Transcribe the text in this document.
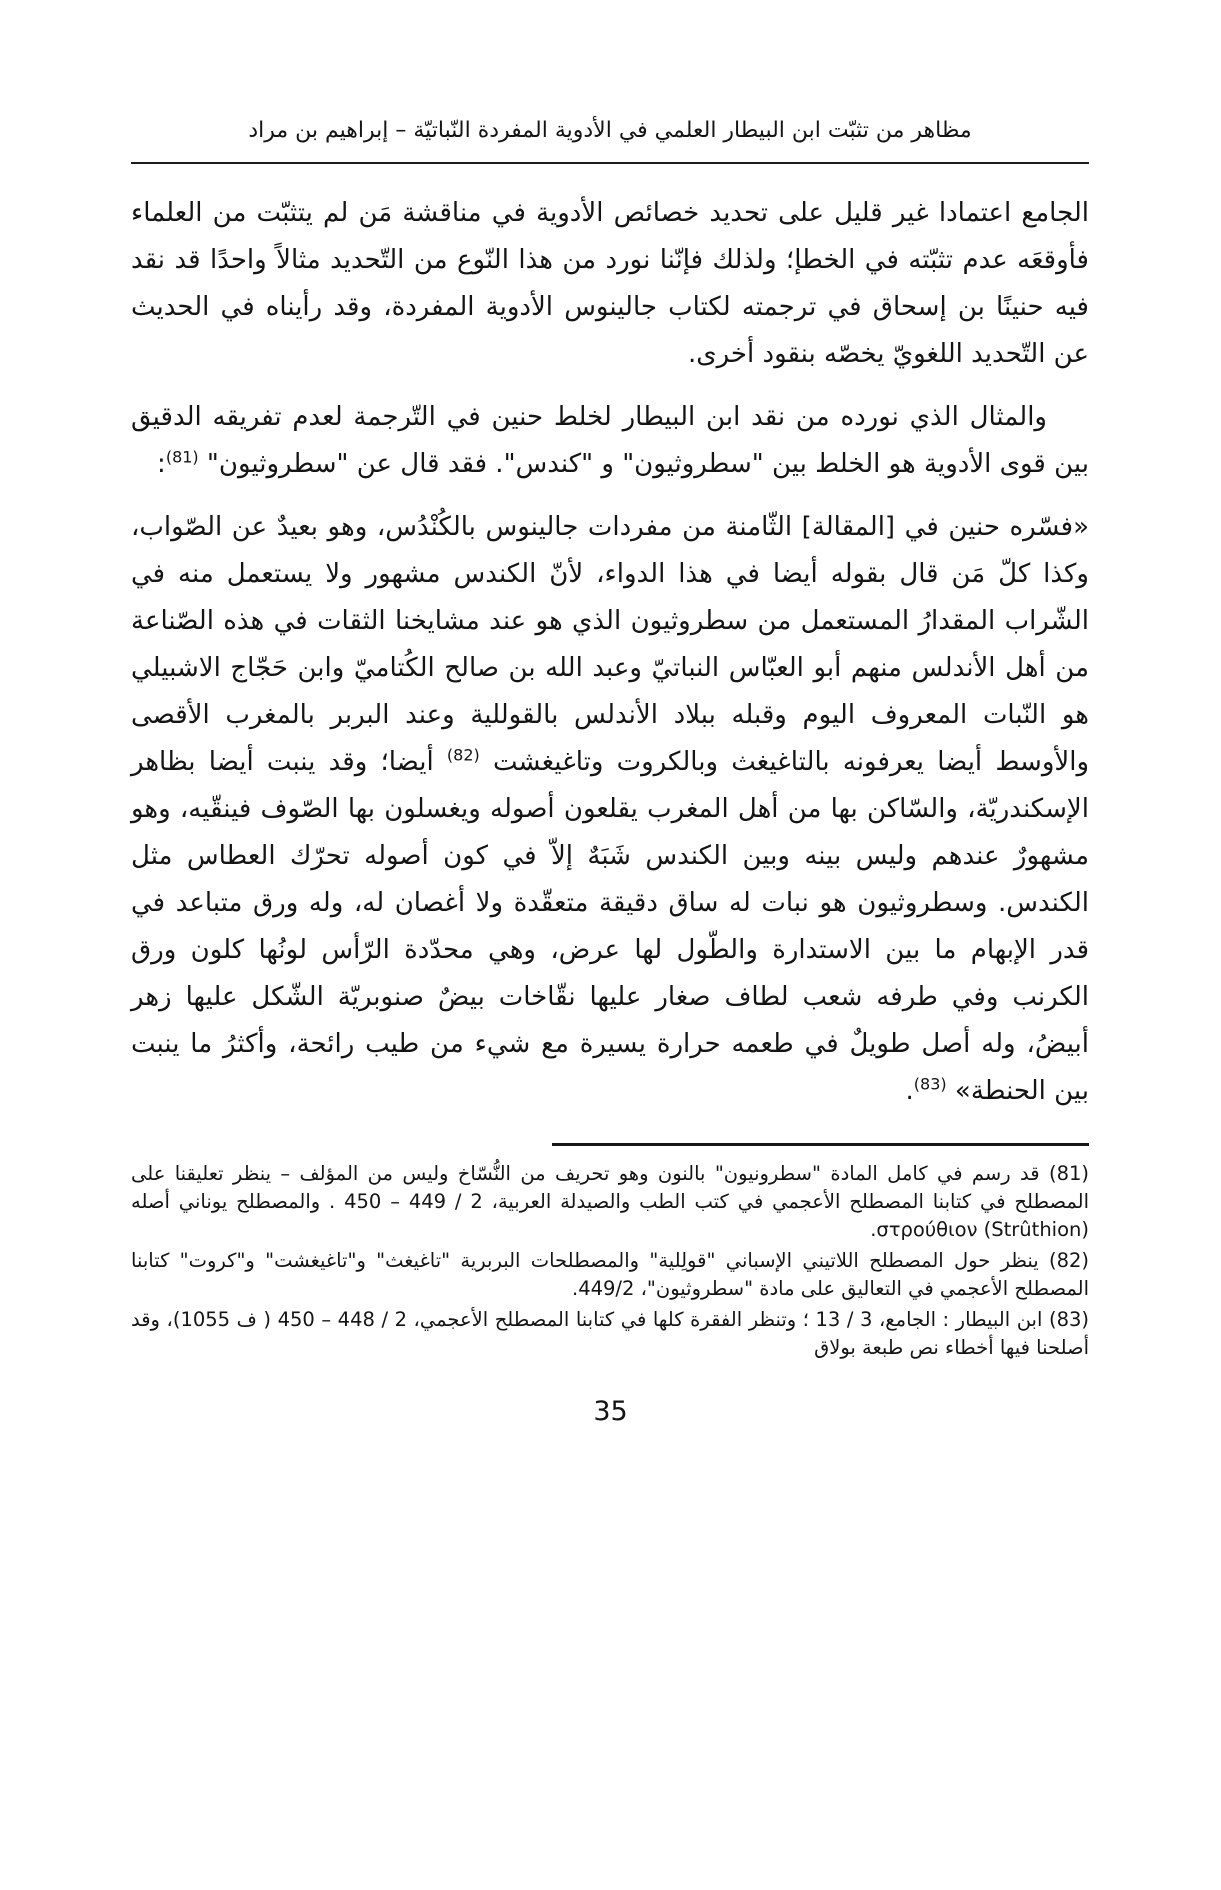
مظاهر من تثبّت ابن البيطار العلمي في الأدوية المفردة النّباتيّة – إبراهيم بن مراد

الجامع اعتمادا غير قليل على تحديد خصائص الأدوية في مناقشة مَن لم يتثبّت من العلماء فأوقعَه عدم تثبّته في الخطإ؛ ولذلك فإنّنا نورد من هذا النّوع من التّحديد مثالاً واحدًا قد نقد فيه حنينًا بن إسحاق في ترجمته لكتاب جالينوس الأدوية المفردة، وقد رأيناه في الحديث عن التّحديد اللغويّ يخصّه بنقود أخرى.

والمثال الذي نورده من نقد ابن البيطار لخلط حنين في التّرجمة لعدم تفريقه الدقيق بين قوى الأدوية هو الخلط بين "سطروثيون" و "كندس". فقد قال عن "سطروثيون" $^{(81)}$:

«فسّره حنين في [المقالة] الثّامنة من مفردات جالينوس بالكُنْدُس، وهو بعيدٌ عن الصّواب، وكذا كلّ مَن قال بقوله أيضا في هذا الدواء، لأنّ الكندس مشهور ولا يستعمل منه في الشّراب المقدارُ المستعمل من سطروثيون الذي هو عند مشايخنا الثقات في هذه الصّناعة من أهل الأندلس منهم أبو العبّاس النباتيّ وعبد الله بن صالح الكُتاميّ وابن حَجّاج الاشبيلي هو النّبات المعروف اليوم وقبله ببلاد الأندلس بالقوللية وعند البربر بالمغرب الأقصى والأوسط أيضا يعرفونه بالتاغيغث وبالكروت وتاغيغشت $^{(82)}$ أيضا؛ وقد ينبت أيضا بظاهر الإسكندريّة، والسّاكن بها من أهل المغرب يقلعون أصوله ويغسلون بها الصّوف فينقّيه، وهو مشهورٌ عندهم وليس بينه وبين الكندس شَبَهٌ إلاّ في كون أصوله تحرّك العطاس مثل الكندس. وسطروثيون هو نبات له ساق دقيقة متعقّدة ولا أغصان له، وله ورق متباعد في قدر الإبهام ما بين الاستدارة والطّول لها عرض، وهي محدّدة الرّأس لونُها كلون ورق الكرنب وفي طرفه شعب لطاف صغار عليها نقّاخات بيضٌ صنوبريّة الشّكل عليها زهر أبيضُ، وله أصل طويلٌ في طعمه حرارة يسيرة مع شيء من طيب رائحة، وأكثرُ ما ينبت بين الحنطة» $^{(83)}$.

(81) قد رسم في كامل المادة "سطرونيون" بالنون وهو تحريف من النُّسّاخ وليس من المؤلف – ينظر تعليقنا على المصطلح في كتابنا المصطلح الأعجمي في كتب الطب والصيدلة العربية، 2 / 449 – 450 . والمصطلح يوناني أصله στρούθιον (Strûthion).

(82) ينظر حول المصطلح اللاتيني الإسباني "قولِلية" والمصطلحات البربرية "تاغيغث" و"تاغيغشت" و"كروت" كتابنا المصطلح الأعجمي في التعاليق على مادة "سطروثيون"، 449/2.

(83) ابن البيطار : الجامع، 3 / 13 ؛ وتنظر الفقرة كلها في كتابنا المصطلح الأعجمي، 2 / 448 – 450 ( ف 1055)، وقد أصلحنا فيها أخطاء نص طبعة بولاق

35
